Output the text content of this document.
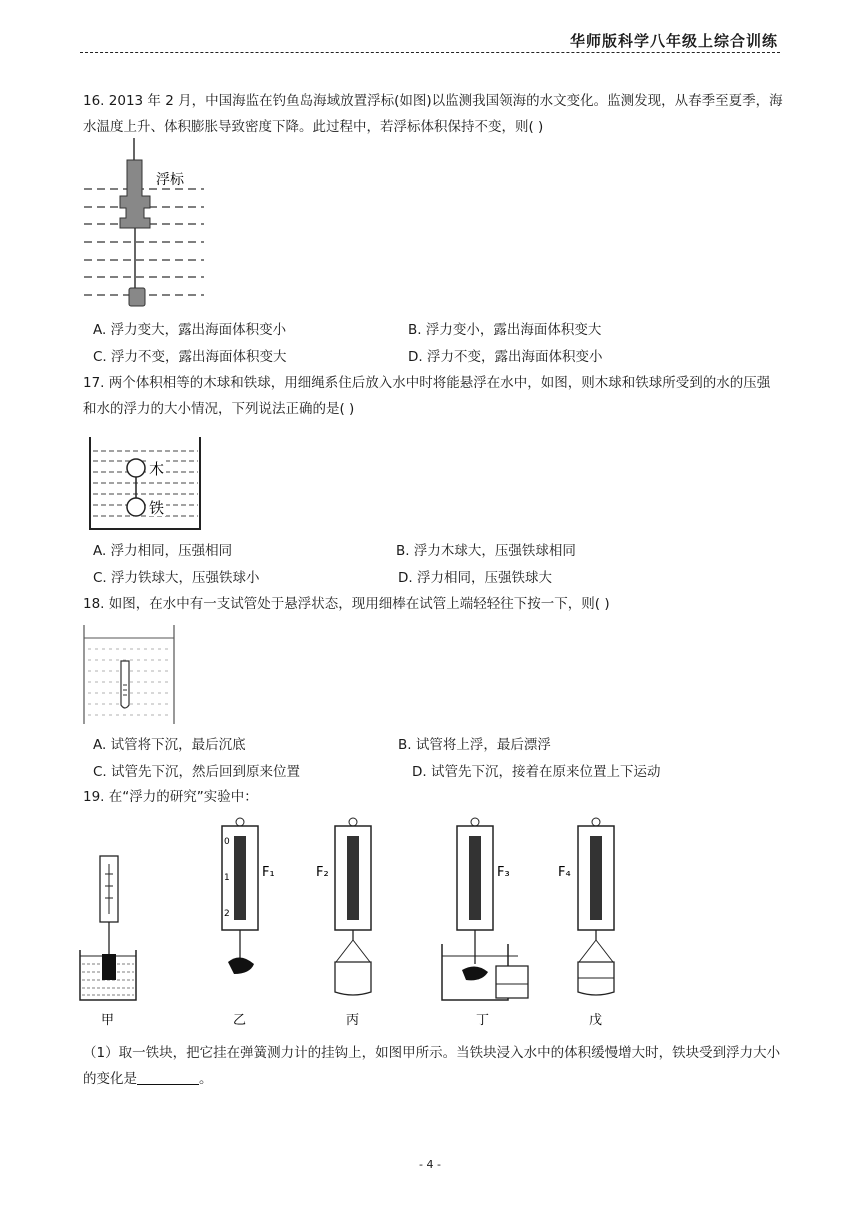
华师版科学八年级上综合训练
16. 2013 年 2 月，中国海监在钓鱼岛海域放置浮标(如图)以监测我国领海的水文变化。监测发现，从春季至夏季，海水温度上升、体积膨胀导致密度下降。此过程中，若浮标体积保持不变，则( )
浮标
A. 浮力变大，露出海面体积变小	B. 浮力变小，露出海面体积变大
C. 浮力不变，露出海面体积变大	D. 浮力不变，露出海面体积变小
17. 两个体积相等的木球和铁球，用细绳系住后放入水中时将能悬浮在水中，如图，则木球和铁球所受到的水的压强和水的浮力的大小情况，下列说法正确的是( )
木
铁
A. 浮力相同，压强相同	B. 浮力木球大，压强铁球相同
C. 浮力铁球大，压强铁球小	D. 浮力相同，压强铁球大
18. 如图，在水中有一支试管处于悬浮状态，现用细棒在试管上端轻轻往下按一下，则( )
A. 试管将下沉，最后沉底	B. 试管将上浮，最后漂浮
C. 试管先下沉，然后回到原来位置	D. 试管先下沉，接着在原来位置上下运动
19. 在“浮力的研究”实验中：
0
1
2
F₁	F₂	F₃	F₄
甲	乙	丙	丁	戊
（1）取一铁块，把它挂在弹簧测力计的挂钩上，如图甲所示。当铁块浸入水中的体积缓慢增大时，铁块受到浮力大小的变化是	。
- 4 -
